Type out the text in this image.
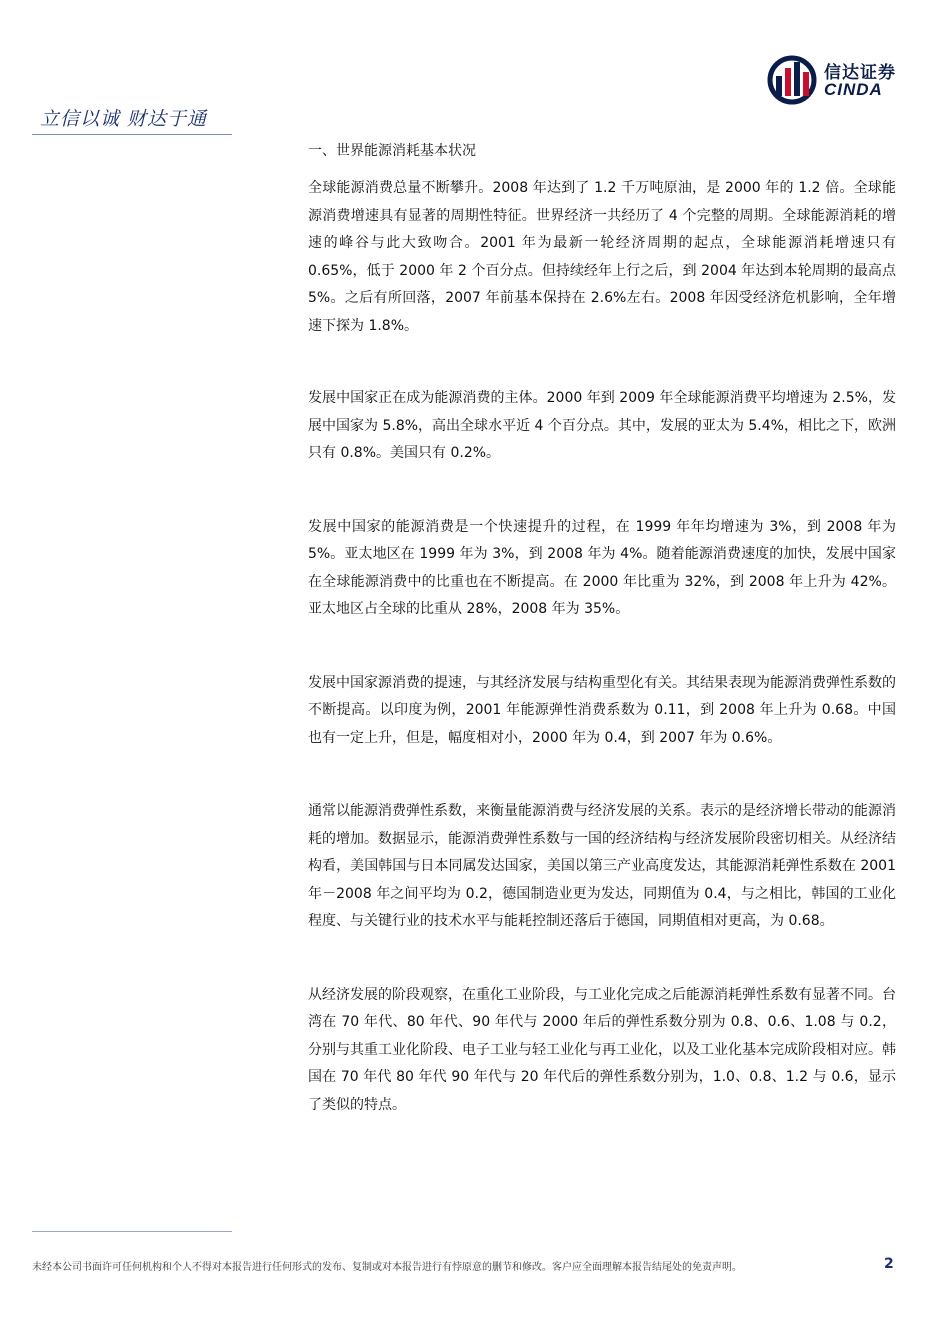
信达证券
CINDA
立信以诚 财达于通
一、世界能源消耗基本状况

全球能源消费总量不断攀升。2008 年达到了 1.2 千万吨原油，是 2000 年的 1.2 倍。全球能源消费增速具有显著的周期性特征。世界经济一共经历了 4 个完整的周期。全球能源消耗的增速的峰谷与此大致吻合。2001 年为最新一轮经济周期的起点，全球能源消耗增速只有 0.65%，低于 2000 年 2 个百分点。但持续经年上行之后，到 2004 年达到本轮周期的最高点 5%。之后有所回落，2007 年前基本保持在 2.6%左右。2008 年因受经济危机影响，全年增速下探为 1.8%。

发展中国家正在成为能源消费的主体。2000 年到 2009 年全球能源消费平均增速为 2.5%，发展中国家为 5.8%，高出全球水平近 4 个百分点。其中，发展的亚太为 5.4%，相比之下，欧洲只有 0.8%。美国只有 0.2%。

发展中国家的能源消费是一个快速提升的过程，在 1999 年年均增速为 3%，到 2008 年为 5%。亚太地区在 1999 年为 3%，到 2008 年为 4%。随着能源消费速度的加快，发展中国家在全球能源消费中的比重也在不断提高。在 2000 年比重为 32%，到 2008 年上升为 42%。亚太地区占全球的比重从 28%，2008 年为 35%。

发展中国家源消费的提速，与其经济发展与结构重型化有关。其结果表现为能源消费弹性系数的不断提高。以印度为例，2001 年能源弹性消费系数为 0.11，到 2008 年上升为 0.68。中国也有一定上升，但是，幅度相对小，2000 年为 0.4，到 2007 年为 0.6%。

通常以能源消费弹性系数，来衡量能源消费与经济发展的关系。表示的是经济增长带动的能源消耗的增加。数据显示，能源消费弹性系数与一国的经济结构与经济发展阶段密切相关。从经济结构看，美国韩国与日本同属发达国家，美国以第三产业高度发达，其能源消耗弹性系数在 2001 年－2008 年之间平均为 0.2，德国制造业更为发达，同期值为 0.4，与之相比，韩国的工业化程度、与关键行业的技术水平与能耗控制还落后于德国，同期值相对更高，为 0.68。

从经济发展的阶段观察，在重化工业阶段，与工业化完成之后能源消耗弹性系数有显著不同。台湾在 70 年代、80 年代、90 年代与 2000 年后的弹性系数分别为 0.8、0.6、1.08 与 0.2，分别与其重工业化阶段、电子工业与轻工业化与再工业化，以及工业化基本完成阶段相对应。韩国在 70 年代 80 年代 90 年代与 20 年代后的弹性系数分别为，1.0、0.8、1.2 与 0.6，显示了类似的特点。

未经本公司书面许可任何机构和个人不得对本报告进行任何形式的发布、复制或对本报告进行有悖原意的删节和修改。客户应全面理解本报告结尾处的免责声明。	2
